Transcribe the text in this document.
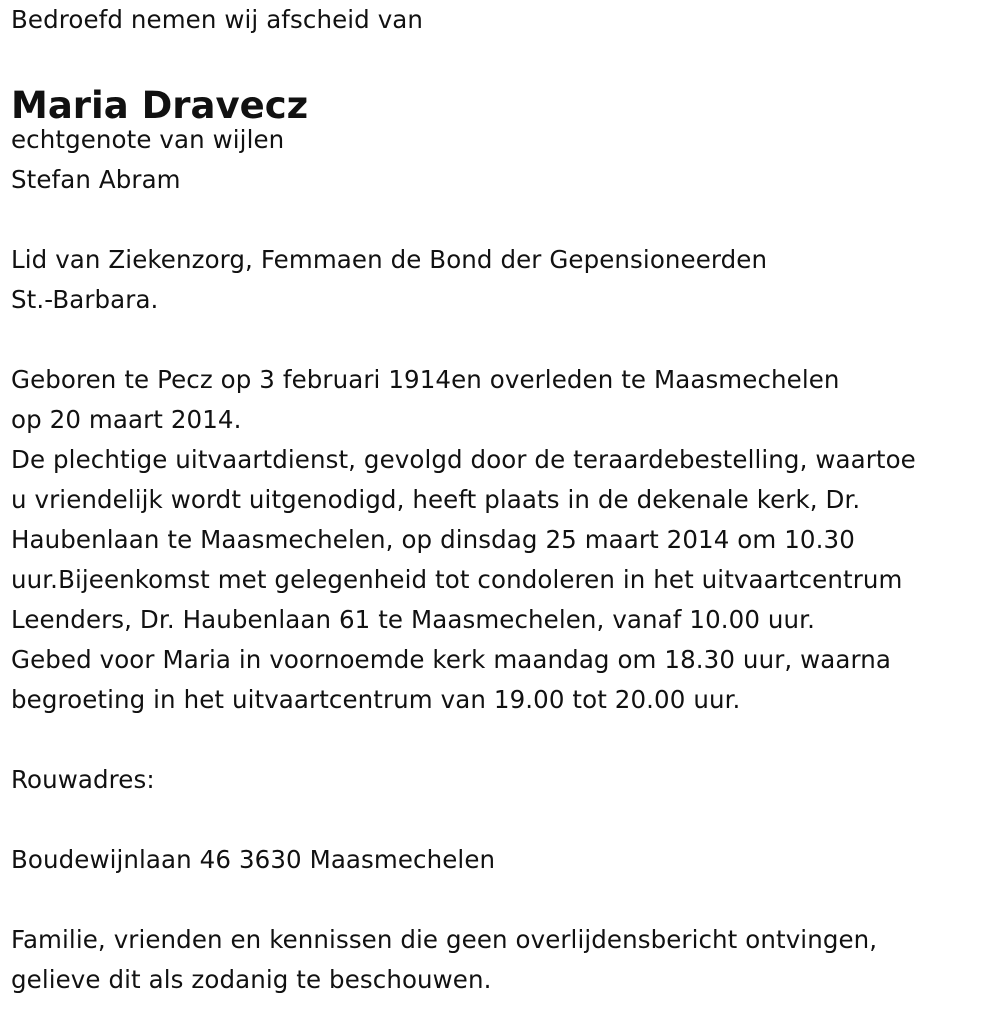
Bedroefd nemen wij afscheid van
Maria Dravecz
echtgenote van wijlen
Stefan Abram
Lid van Ziekenzorg, Femmaen de Bond der Gepensioneerden
St.-Barbara.
Geboren te Pecz op 3 februari 1914en overleden te Maasmechelen
op 20 maart 2014.
De plechtige uitvaartdienst, gevolgd door de teraardebestelling, waartoe
u vriendelijk wordt uitgenodigd, heeft plaats in de dekenale kerk, Dr.
Haubenlaan te Maasmechelen, op dinsdag 25 maart 2014 om 10.30
uur.Bijeenkomst met gelegenheid tot condoleren in het uitvaartcentrum
Leenders, Dr. Haubenlaan 61 te Maasmechelen, vanaf 10.00 uur.
Gebed voor Maria in voornoemde kerk maandag om 18.30 uur, waarna
begroeting in het uitvaartcentrum van 19.00 tot 20.00 uur.
Rouwadres:
Boudewijnlaan 46 3630 Maasmechelen
Familie, vrienden en kennissen die geen overlijdensbericht ontvingen,
gelieve dit als zodanig te beschouwen.
